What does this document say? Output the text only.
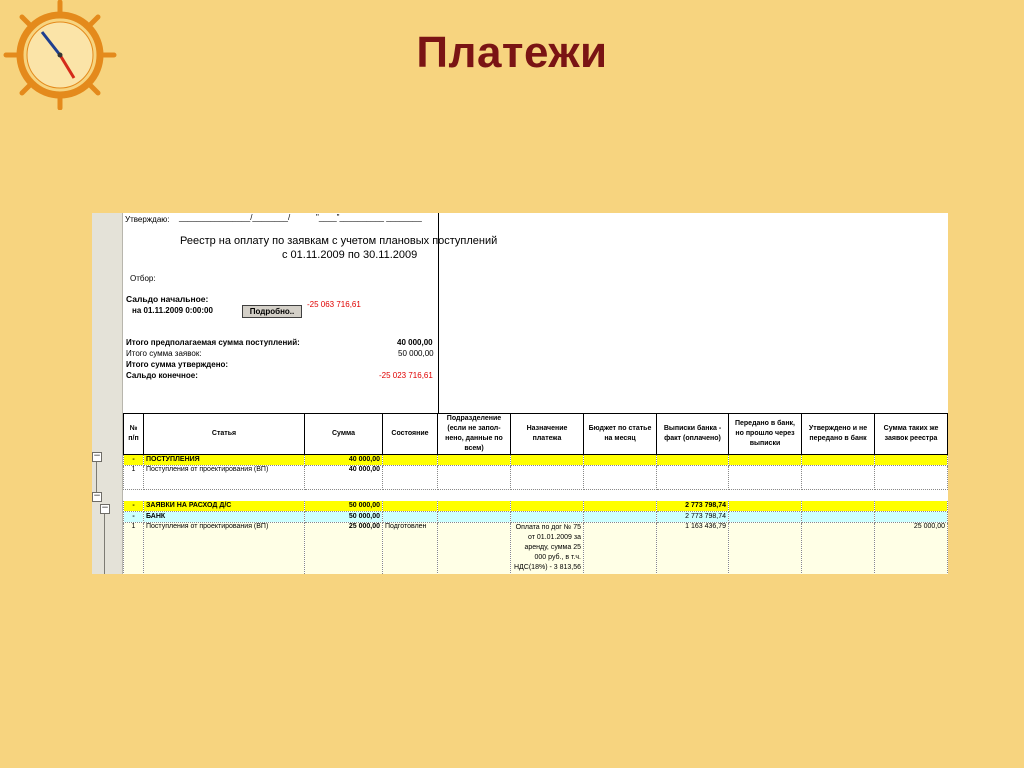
Платежи
−
−
−
Утверждаю: ________________/________/	"____"__________ ________
Реестр на оплату по заявкам с учетом плановых поступлений
с 01.11.2009 по 30.11.2009
Отбор:
Сальдо начальное:
на 01.11.2009 0:00:00	Подробно..
-25 063 716,61
Итого предполагаемая сумма поступлений:	40 000,00
Итого сумма заявок:	50 000,00
Итого сумма утверждено:
Сальдо конечное:	-25 023 716,61
№ п/п	Статья	Сумма	Состояние	Подразделение (если не запол-нено, данные по всем)	Назначение платежа	Бюджет по статье на месяц	Выписки банка - факт (оплачено)	Передано в банк, но прошло через выписки	Утверждено и не передано в банк	Сумма таких же заявок реестра
-	ПОСТУПЛЕНИЯ	40 000,00								
1	Поступления от проектирования (ВП)	40 000,00								

-	ЗАЯВКИ НА РАСХОД Д/С	50 000,00					2 773 798,74			
-	БАНК	50 000,00					2 773 798,74			
1	Поступления от проектирования (ВП)	25 000,00	Подготовлен		Оплата по дог № 75 от 01.01.2009 за аренду, сумма 25 000 руб., в т.ч. НДС(18%) - 3 813,56		1 163 436,79			25 000,00
